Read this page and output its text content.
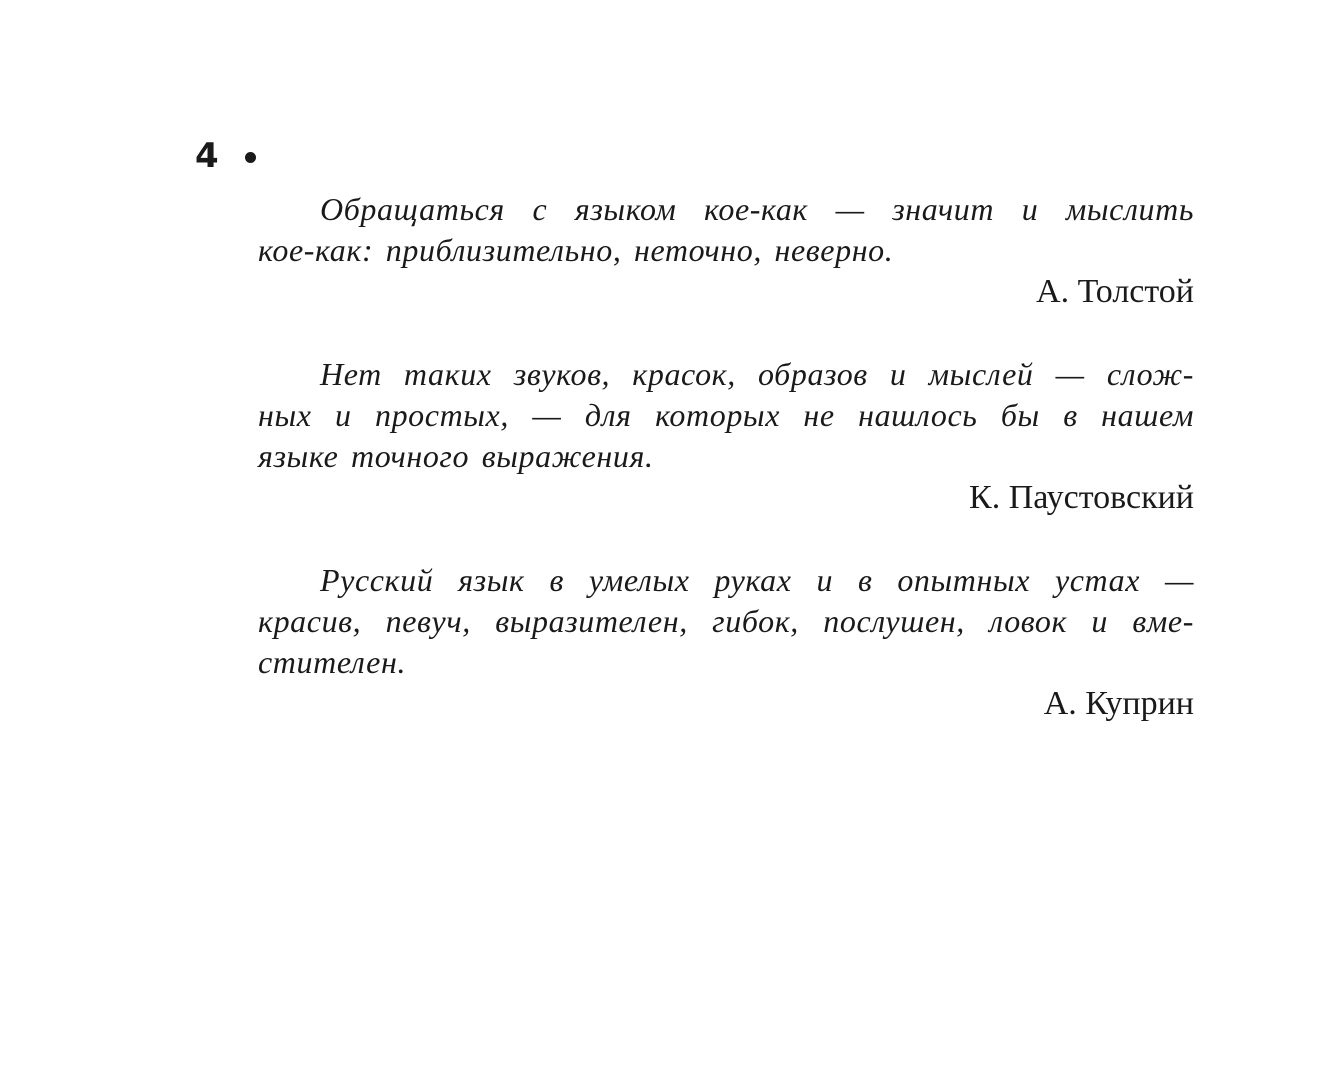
4
Обращаться с языком кое-как — значит и мыслить
кое-как: приблизительно, неточно, неверно.
А. Толстой
Нет таких звуков, красок, образов и мыслей — слож-
ных и простых, — для которых не нашлось бы в нашем
языке точного выражения.
К. Паустовский
Русский язык в умелых руках и в опытных устах —
красив, певуч, выразителен, гибок, послушен, ловок и вме-
стителен.
А. Куприн
